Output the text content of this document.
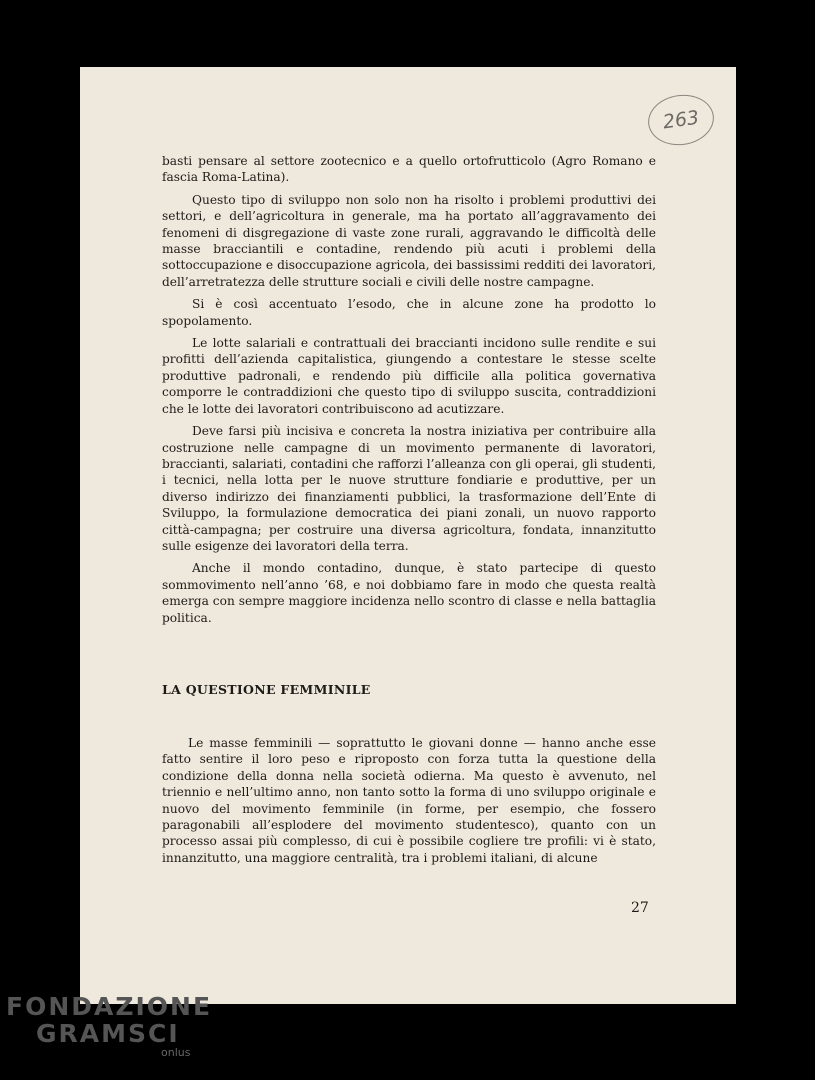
263

basti pensare al settore zootecnico e a quello ortofrutticolo (Agro Romano e fascia Roma-Latina).

Questo tipo di sviluppo non solo non ha risolto i problemi produttivi dei settori, e dell’agricoltura in generale, ma ha portato all’aggravamento dei fenomeni di disgregazione di vaste zone rurali, aggravando le difficoltà delle masse bracciantili e contadine, rendendo più acuti i problemi della sottoccupazione e disoccupazione agricola, dei bassissimi redditi dei lavoratori, dell’arretratezza delle strutture sociali e civili delle nostre campagne.

Si è così accentuato l’esodo, che in alcune zone ha prodotto lo spopolamento.

Le lotte salariali e contrattuali dei braccianti incidono sulle rendite e sui profitti dell’azienda capitalistica, giungendo a contestare le stesse scelte produttive padronali, e rendendo più difficile alla politica governativa comporre le contraddizioni che questo tipo di sviluppo suscita, contraddizioni che le lotte dei lavoratori contribuiscono ad acutizzare.

Deve farsi più incisiva e concreta la nostra iniziativa per contribuire alla costruzione nelle campagne di un movimento permanente di lavoratori, braccianti, salariati, contadini che rafforzi l’alleanza con gli operai, gli studenti, i tecnici, nella lotta per le nuove strutture fondiarie e produttive, per un diverso indirizzo dei finanziamenti pubblici, la trasformazione dell’Ente di Sviluppo, la formulazione democratica dei piani zonali, un nuovo rapporto città-campagna; per costruire una diversa agricoltura, fondata, innanzitutto sulle esigenze dei lavoratori della terra.

Anche il mondo contadino, dunque, è stato partecipe di questo sommovimento nell’anno ’68, e noi dobbiamo fare in modo che questa realtà emerga con sempre maggiore incidenza nello scontro di classe e nella battaglia politica.

LA QUESTIONE FEMMINILE

Le masse femminili — soprattutto le giovani donne — hanno anche esse fatto sentire il loro peso e riproposto con forza tutta la questione della condizione della donna nella società odierna. Ma questo è avvenuto, nel triennio e nell’ultimo anno, non tanto sotto la forma di uno sviluppo originale e nuovo del movimento femminile (in forme, per esempio, che fossero paragonabili all’esplodere del movimento studentesco), quanto con un processo assai più complesso, di cui è possibile cogliere tre profili: vi è stato, innanzitutto, una maggiore centralità, tra i problemi italiani, di alcune

27
FONDAZIONE
GRAMSCI
onlus
